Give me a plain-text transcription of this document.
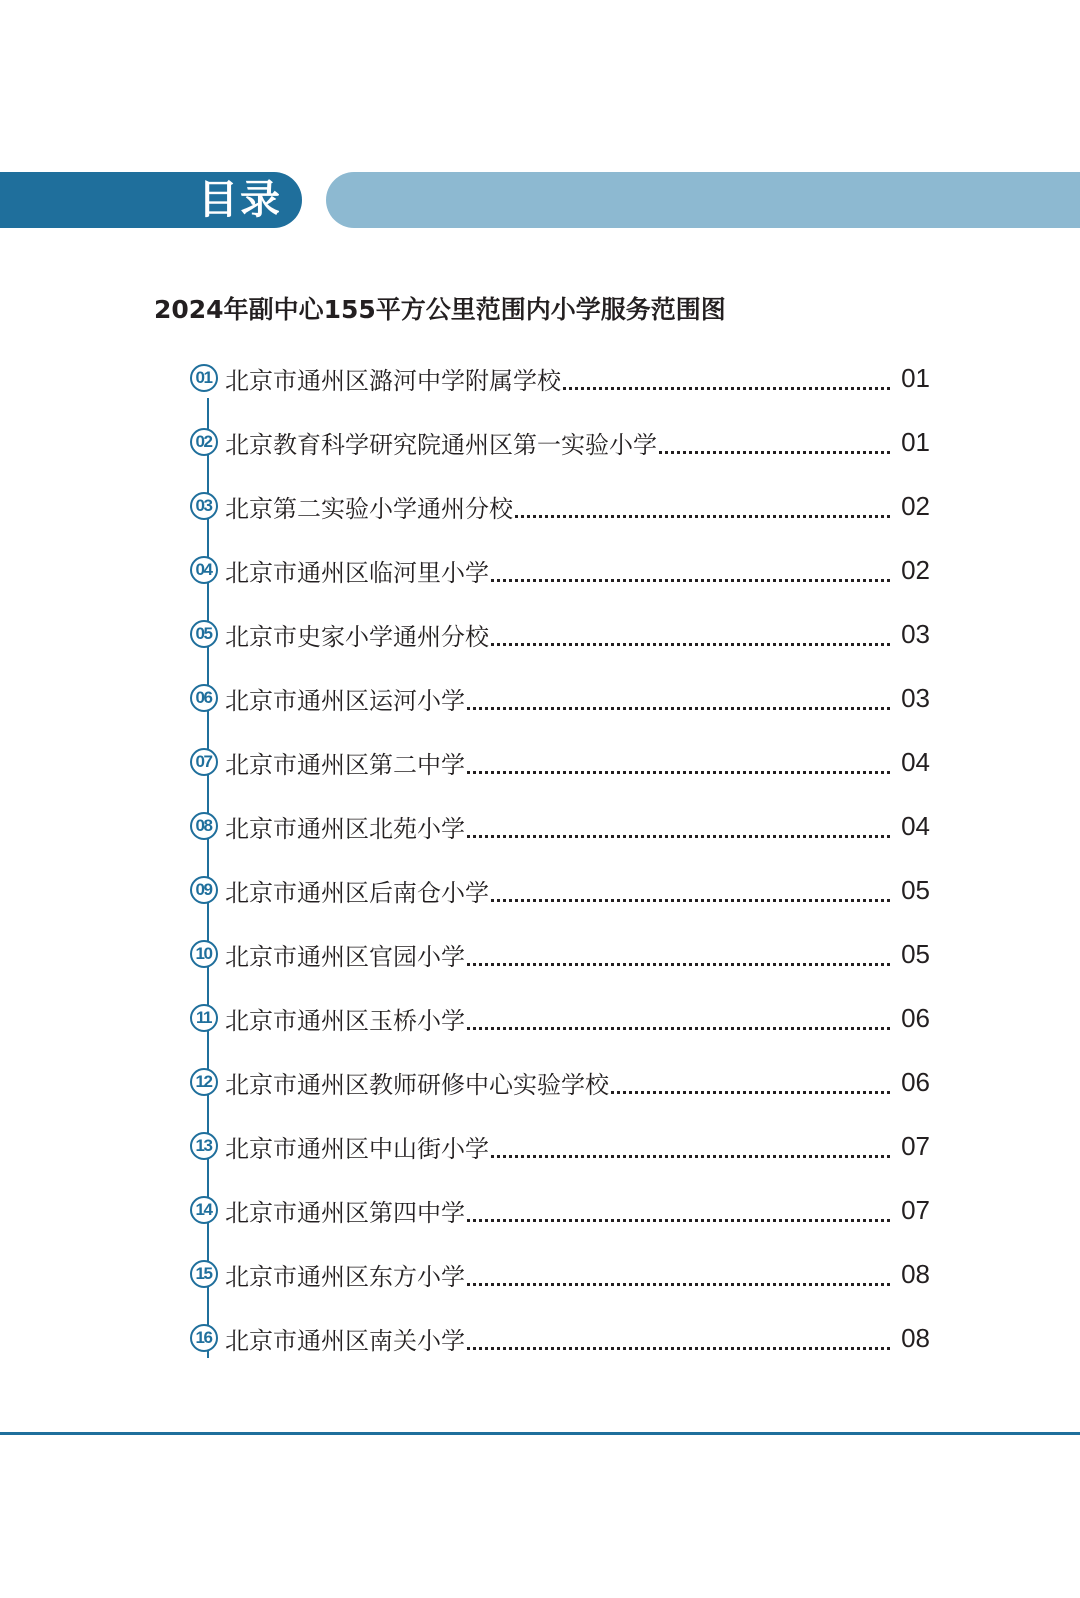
目录
2024年副中心155平方公里范围内小学服务范围图
01 北京市通州区潞河中学附属学校	01
02 北京教育科学研究院通州区第一实验小学	01
03 北京第二实验小学通州分校	02
04 北京市通州区临河里小学	02
05 北京市史家小学通州分校	03
06 北京市通州区运河小学	03
07 北京市通州区第二中学	04
08 北京市通州区北苑小学	04
09 北京市通州区后南仓小学	05
10 北京市通州区官园小学	05
11 北京市通州区玉桥小学	06
12 北京市通州区教师研修中心实验学校	06
13 北京市通州区中山街小学	07
14 北京市通州区第四中学	07
15 北京市通州区东方小学	08
16 北京市通州区南关小学	08
